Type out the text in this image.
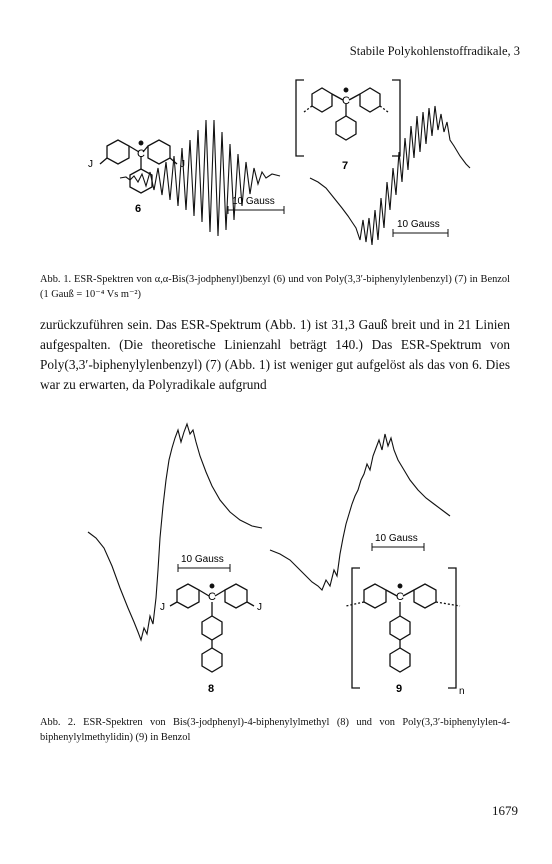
Stabile Polykohlenstoffradikale, 3
C
J	J
6
10 Gauss
C
7
10 Gauss
Abb. 1. ESR-Spektren von α,α-Bis(3-jodphenyl)benzyl (6) und von Poly(3,3′-biphenylylenbenzyl) (7) in Benzol (1 Gauß = 10⁻⁴ Vs m⁻²)
zurückzuführen sein. Das ESR-Spektrum (Abb. 1) ist 31,3 Gauß breit und in 21 Linien aufgespalten. (Die theoretische Linienzahl beträgt 140.) Das ESR-Spektrum von Poly(3,3′-biphenylylenbenzyl) (7) (Abb. 1) ist weniger gut aufgelöst als das von 6. Dies war zu erwarten, da Polyradikale aufgrund
10 Gauss
C
J	J
8
10 Gauss
C
9	n
Abb. 2. ESR-Spektren von Bis(3-jodphenyl)-4-biphenylylmethyl (8) und von Poly(3,3′-biphenylylen-4-biphenylylmethylidin) (9) in Benzol
1679
